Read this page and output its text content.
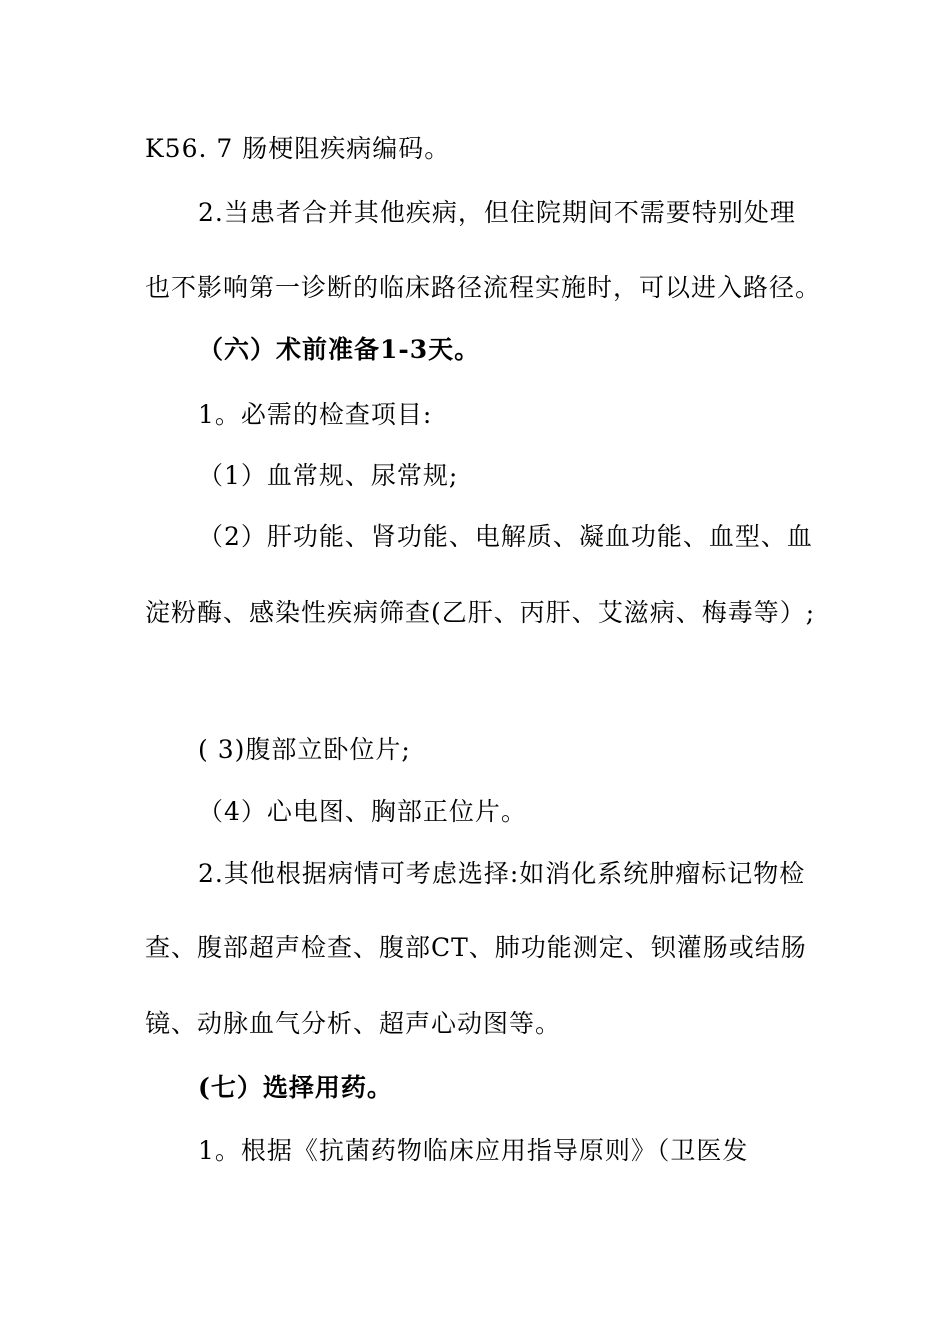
K56. 7 肠梗阻疾病编码。
2.当患者合并其他疾病，但住院期间不需要特别处理
也不影响第一诊断的临床路径流程实施时，可以进入路径。
（六）术前准备1-3天。
1。必需的检查项目:
（1）血常规、尿常规;
（2）肝功能、肾功能、电解质、凝血功能、血型、血
淀粉酶、感染性疾病筛查(乙肝、丙肝、艾滋病、梅毒等）;
( 3)腹部立卧位片;
（4）心电图、胸部正位片。
2.其他根据病情可考虑选择:如消化系统肿瘤标记物检
查、腹部超声检查、腹部CT、肺功能测定、钡灌肠或结肠
镜、动脉血气分析、超声心动图等。
(七）选择用药。
1。根据《抗菌药物临床应用指导原则》（卫医发
